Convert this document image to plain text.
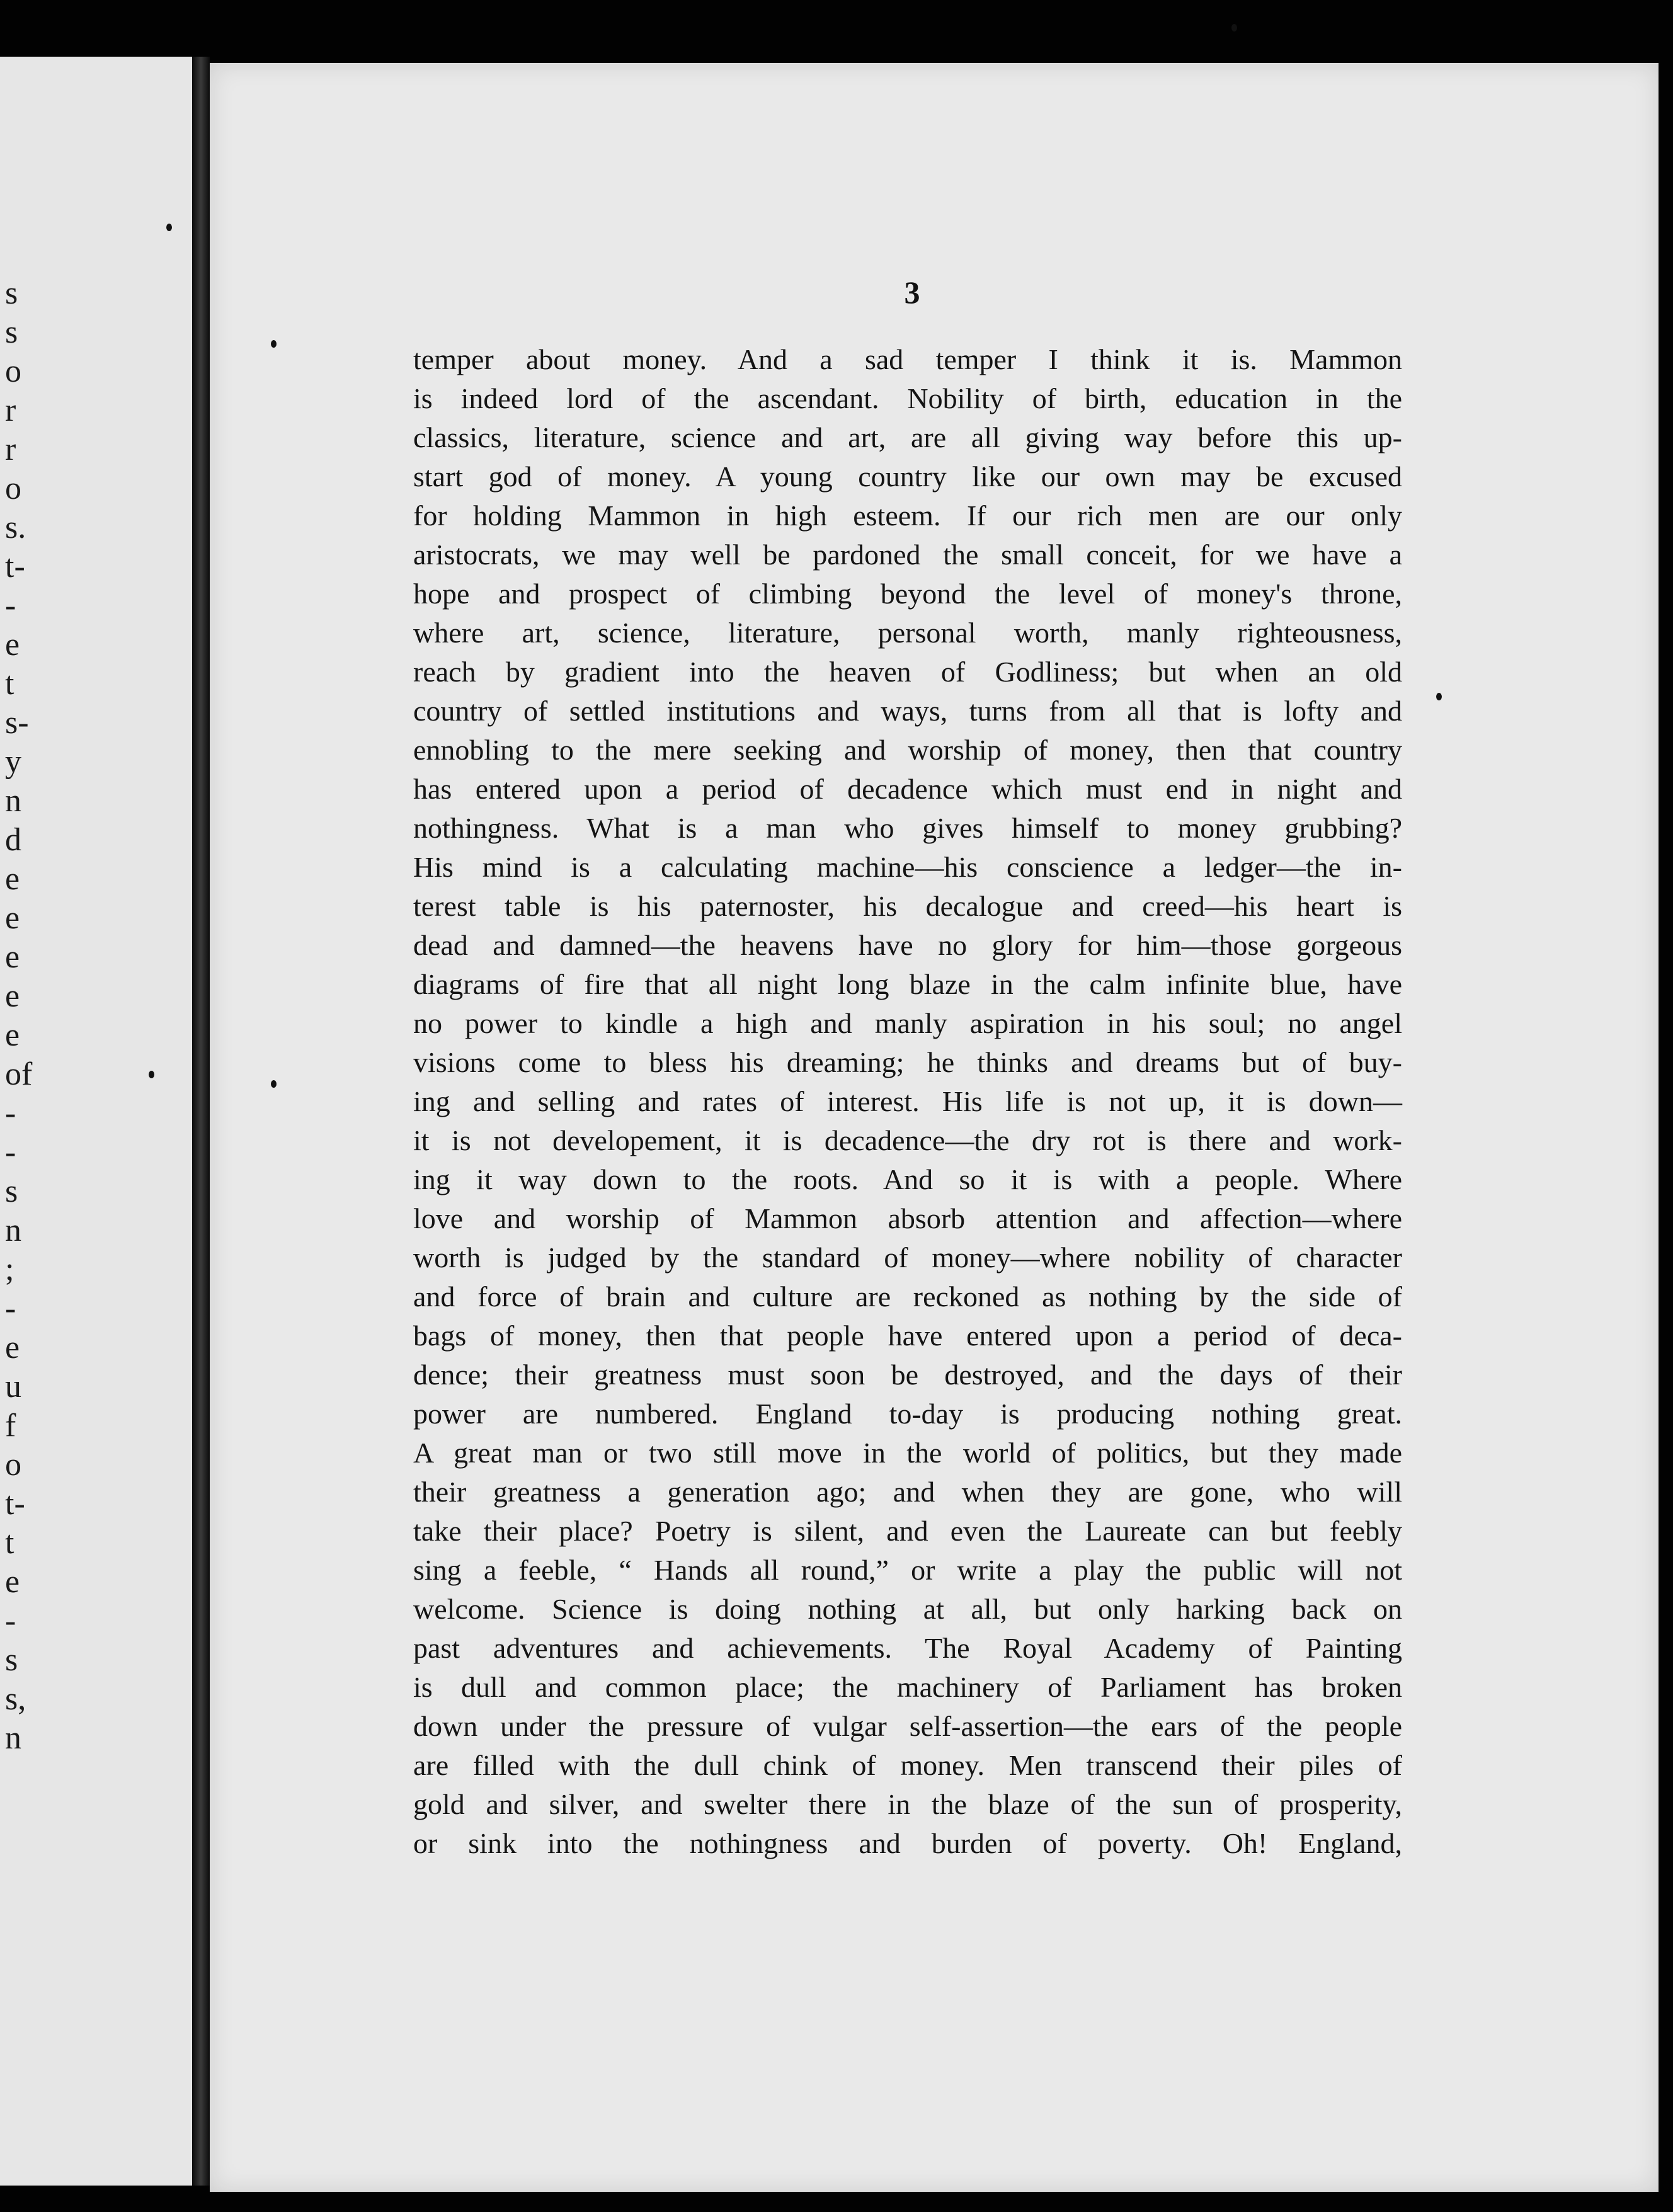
s
s
o
r
r
o
s.
t-
-
e
t
s-
y
n
d
e
e
e
e
e
of
-
-
s
n
;
-
e
u
f
o
t-
t
e
-
s
s,
n
3
temper about money. And a sad temper I think it is. Mammon
is indeed lord of the ascendant. Nobility of birth, education in the
classics, literature, science and art, are all giving way before this up-
start god of money. A young country like our own may be excused
for holding Mammon in high esteem. If our rich men are our only
aristocrats, we may well be pardoned the small conceit, for we have a
hope and prospect of climbing beyond the level of money's throne,
where art, science, literature, personal worth, manly righteousness,
reach by gradient into the heaven of Godliness; but when an old
country of settled institutions and ways, turns from all that is lofty and
ennobling to the mere seeking and worship of money, then that country
has entered upon a period of decadence which must end in night and
nothingness. What is a man who gives himself to money grubbing?
His mind is a calculating machine—his conscience a ledger—the in-
terest table is his paternoster, his decalogue and creed—his heart is
dead and damned—the heavens have no glory for him—those gorgeous
diagrams of fire that all night long blaze in the calm infinite blue, have
no power to kindle a high and manly aspiration in his soul; no angel
visions come to bless his dreaming; he thinks and dreams but of buy-
ing and selling and rates of interest. His life is not up, it is down—
it is not developement, it is decadence—the dry rot is there and work-
ing it way down to the roots. And so it is with a people. Where
love and worship of Mammon absorb attention and affection—where
worth is judged by the standard of money—where nobility of character
and force of brain and culture are reckoned as nothing by the side of
bags of money, then that people have entered upon a period of deca-
dence; their greatness must soon be destroyed, and the days of their
power are numbered. England to-day is producing nothing great.
A great man or two still move in the world of politics, but they made
their greatness a generation ago; and when they are gone, who will
take their place? Poetry is silent, and even the Laureate can but feebly
sing a feeble, “ Hands all round,” or write a play the public will not
welcome. Science is doing nothing at all, but only harking back on
past adventures and achievements. The Royal Academy of Painting
is dull and common place; the machinery of Parliament has broken
down under the pressure of vulgar self-assertion—the ears of the people
are filled with the dull chink of money. Men transcend their piles of
gold and silver, and swelter there in the blaze of the sun of prosperity,
or sink into the nothingness and burden of poverty. Oh! England,
